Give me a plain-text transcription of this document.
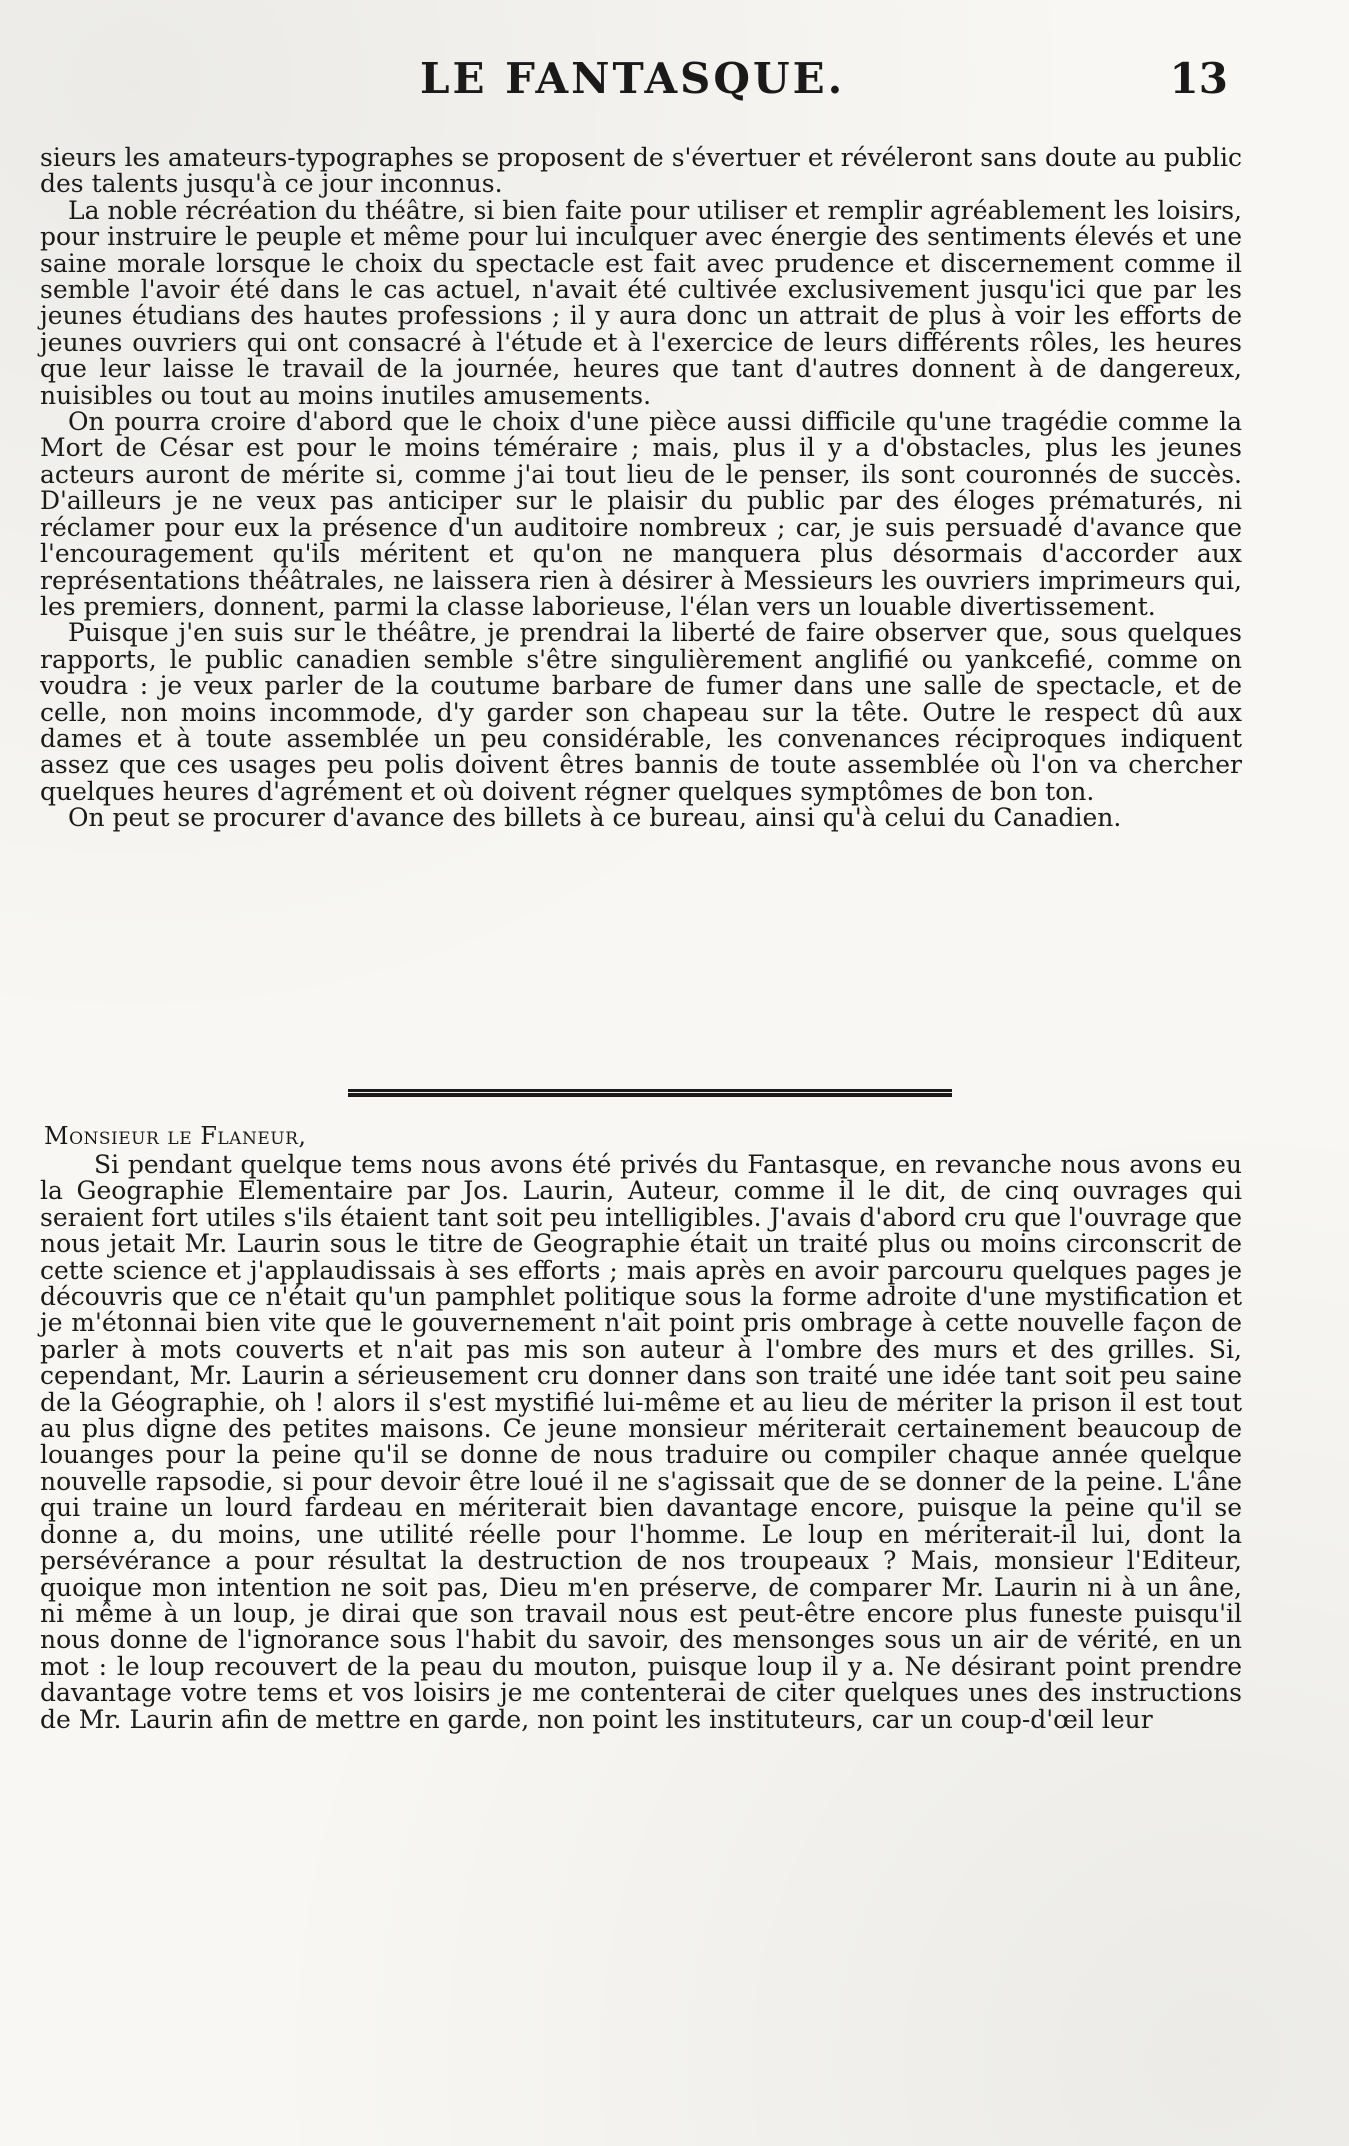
LE FANTASQUE.	13

sieurs les amateurs-typographes se proposent de s'évertuer et révéleront sans doute au public des talents jusqu'à ce jour inconnus.

La noble récréation du théâtre, si bien faite pour utiliser et remplir agréablement les loisirs, pour instruire le peuple et même pour lui inculquer avec énergie des sentiments élevés et une saine morale lorsque le choix du spectacle est fait avec prudence et discernement comme il semble l'avoir été dans le cas actuel, n'avait été cultivée exclusivement jusqu'ici que par les jeunes étudians des hautes professions ; il y aura donc un attrait de plus à voir les efforts de jeunes ouvriers qui ont consacré à l'étude et à l'exercice de leurs différents rôles, les heures que leur laisse le travail de la journée, heures que tant d'autres donnent à de dangereux, nuisibles ou tout au moins inutiles amusements.

On pourra croire d'abord que le choix d'une pièce aussi difficile qu'une tragédie comme la Mort de César est pour le moins téméraire ; mais, plus il y a d'obstacles, plus les jeunes acteurs auront de mérite si, comme j'ai tout lieu de le penser, ils sont couronnés de succès. D'ailleurs je ne veux pas anticiper sur le plaisir du public par des éloges prématurés, ni réclamer pour eux la présence d'un auditoire nombreux ; car, je suis persuadé d'avance que l'encouragement qu'ils méritent et qu'on ne manquera plus désormais d'accorder aux représentations théâtrales, ne laissera rien à désirer à Messieurs les ouvriers imprimeurs qui, les premiers, donnent, parmi la classe laborieuse, l'élan vers un louable divertissement.

Puisque j'en suis sur le théâtre, je prendrai la liberté de faire observer que, sous quelques rapports, le public canadien semble s'être singulièrement anglifié ou yankcefié, comme on voudra : je veux parler de la coutume barbare de fumer dans une salle de spectacle, et de celle, non moins incommode, d'y garder son chapeau sur la tête. Outre le respect dû aux dames et à toute assemblée un peu considérable, les convenances réciproques indiquent assez que ces usages peu polis doivent êtres bannis de toute assemblée où l'on va chercher quelques heures d'agrément et où doivent régner quelques symptômes de bon ton.

On peut se procurer d'avance des billets à ce bureau, ainsi qu'à celui du Canadien.

Monsieur le Flaneur,

Si pendant quelque tems nous avons été privés du Fantasque, en revanche nous avons eu la Geographie Elementaire par Jos. Laurin, Auteur, comme il le dit, de cinq ouvrages qui seraient fort utiles s'ils étaient tant soit peu intelligibles. J'avais d'abord cru que l'ouvrage que nous jetait Mr. Laurin sous le titre de Geographie était un traité plus ou moins circonscrit de cette science et j'applaudissais à ses efforts ; mais après en avoir parcouru quelques pages je découvris que ce n'était qu'un pamphlet politique sous la forme adroite d'une mystification et je m'étonnai bien vite que le gouvernement n'ait point pris ombrage à cette nouvelle façon de parler à mots couverts et n'ait pas mis son auteur à l'ombre des murs et des grilles. Si, cependant, Mr. Laurin a sérieusement cru donner dans son traité une idée tant soit peu saine de la Géographie, oh ! alors il s'est mystifié lui-même et au lieu de mériter la prison il est tout au plus digne des petites maisons. Ce jeune monsieur mériterait certainement beaucoup de louanges pour la peine qu'il se donne de nous traduire ou compiler chaque année quelque nouvelle rapsodie, si pour devoir être loué il ne s'agissait que de se donner de la peine. L'âne qui traine un lourd fardeau en mériterait bien davantage encore, puisque la peine qu'il se donne a, du moins, une utilité réelle pour l'homme. Le loup en mériterait-il lui, dont la persévérance a pour résultat la destruction de nos troupeaux ? Mais, monsieur l'Editeur, quoique mon intention ne soit pas, Dieu m'en préserve, de comparer Mr. Laurin ni à un âne, ni même à un loup, je dirai que son travail nous est peut-être encore plus funeste puisqu'il nous donne de l'ignorance sous l'habit du savoir, des mensonges sous un air de vérité, en un mot : le loup recouvert de la peau du mouton, puisque loup il y a. Ne désirant point prendre davantage votre tems et vos loisirs je me contenterai de citer quelques unes des instructions de Mr. Laurin afin de mettre en garde, non point les instituteurs, car un coup-d'œil leur
